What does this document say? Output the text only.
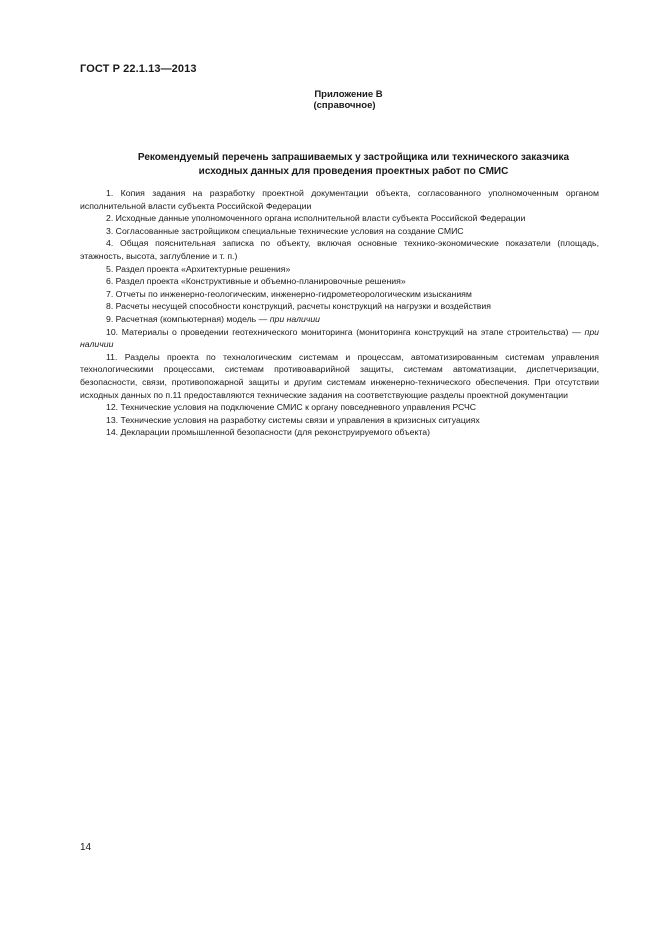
ГОСТ Р 22.1.13—2013
Приложение В
(справочное)
Рекомендуемый перечень запрашиваемых у застройщика или технического заказчика
исходных данных для проведения проектных работ по СМИС

1. Копия задания на разработку проектной документации объекта, согласованного уполномоченным органом исполнительной власти субъекта Российской Федерации

2. Исходные данные уполномоченного органа исполнительной власти субъекта Российской Федерации

3. Согласованные застройщиком специальные технические условия на создание СМИС

4. Общая пояснительная записка по объекту, включая основные технико-экономические показатели (площадь, этажность, высота, заглубление и т. п.)

5. Раздел проекта «Архитектурные решения»

6. Раздел проекта «Конструктивные и объемно-планировочные решения»

7. Отчеты по инженерно-геологическим, инженерно-гидрометеорологическим изысканиям

8. Расчеты несущей способности конструкций, расчеты конструкций на нагрузки и воздействия

9. Расчетная (компьютерная) модель — при наличии

10. Материалы о проведении геотехнического мониторинга (мониторинга конструкций на этапе строительства) — при наличии

11. Разделы проекта по технологическим системам и процессам, автоматизированным системам управления технологическими процессами, системам противоаварийной защиты, системам автоматизации, диспетчеризации, безопасности, связи, противопожарной защиты и другим системам инженерно-технического обеспечения. При отсутствии исходных данных по п.11 предоставляются технические задания на соответствующие разделы проектной документации

12. Технические условия на подключение СМИС к органу повседневного управления РСЧС

13. Технические условия на разработку системы связи и управления в кризисных ситуациях

14. Декларации промышленной безопасности (для реконструируемого объекта)

14
